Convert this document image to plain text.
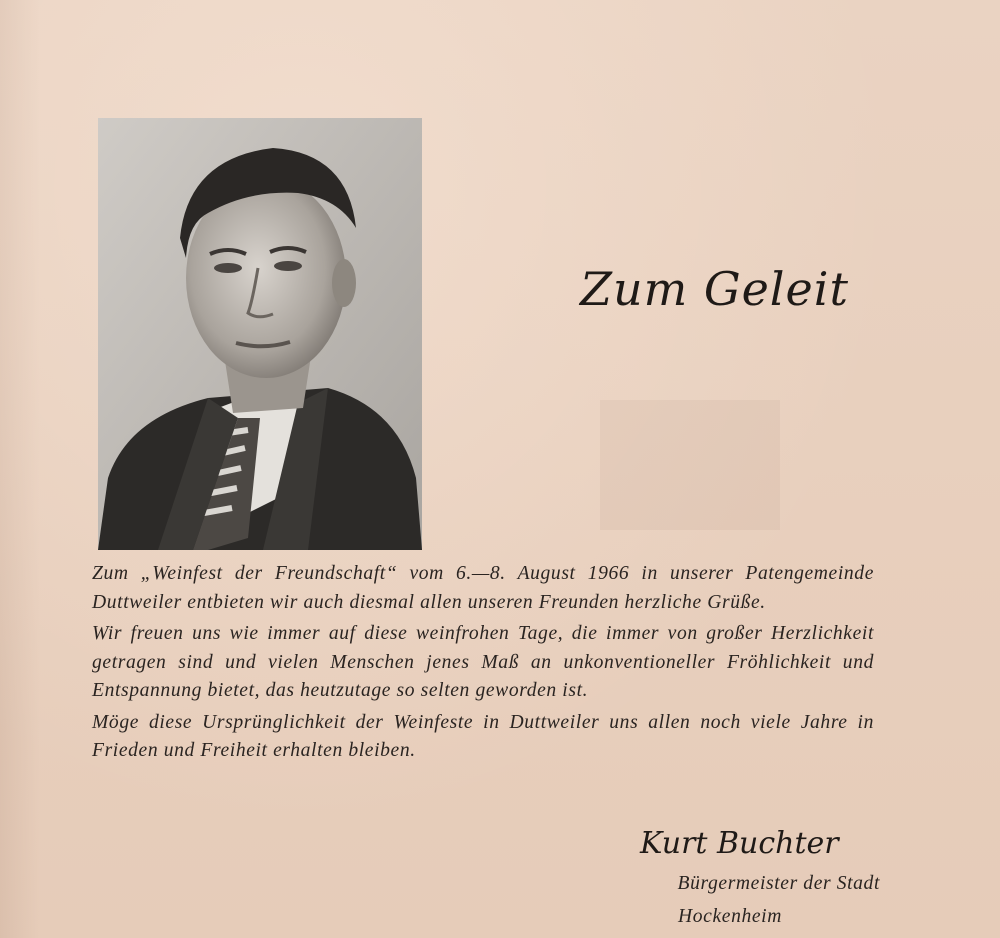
Zum Geleit

Zum „Weinfest der Freundschaft“ vom 6.—8. August 1966 in unserer Patengemeinde Duttweiler entbieten wir auch diesmal allen unseren Freunden herzliche Grüße.

Wir freuen uns wie immer auf diese weinfrohen Tage, die immer von großer Herzlichkeit getragen sind und vielen Menschen jenes Maß an unkonventioneller Fröhlichkeit und Entspannung bietet, das heutzutage so selten geworden ist.

Möge diese Ursprünglichkeit der Weinfeste in Duttweiler uns allen noch viele Jahre in Frieden und Freiheit erhalten bleiben.

Kurt Buchter
Bürgermeister der Stadt
Hockenheim
